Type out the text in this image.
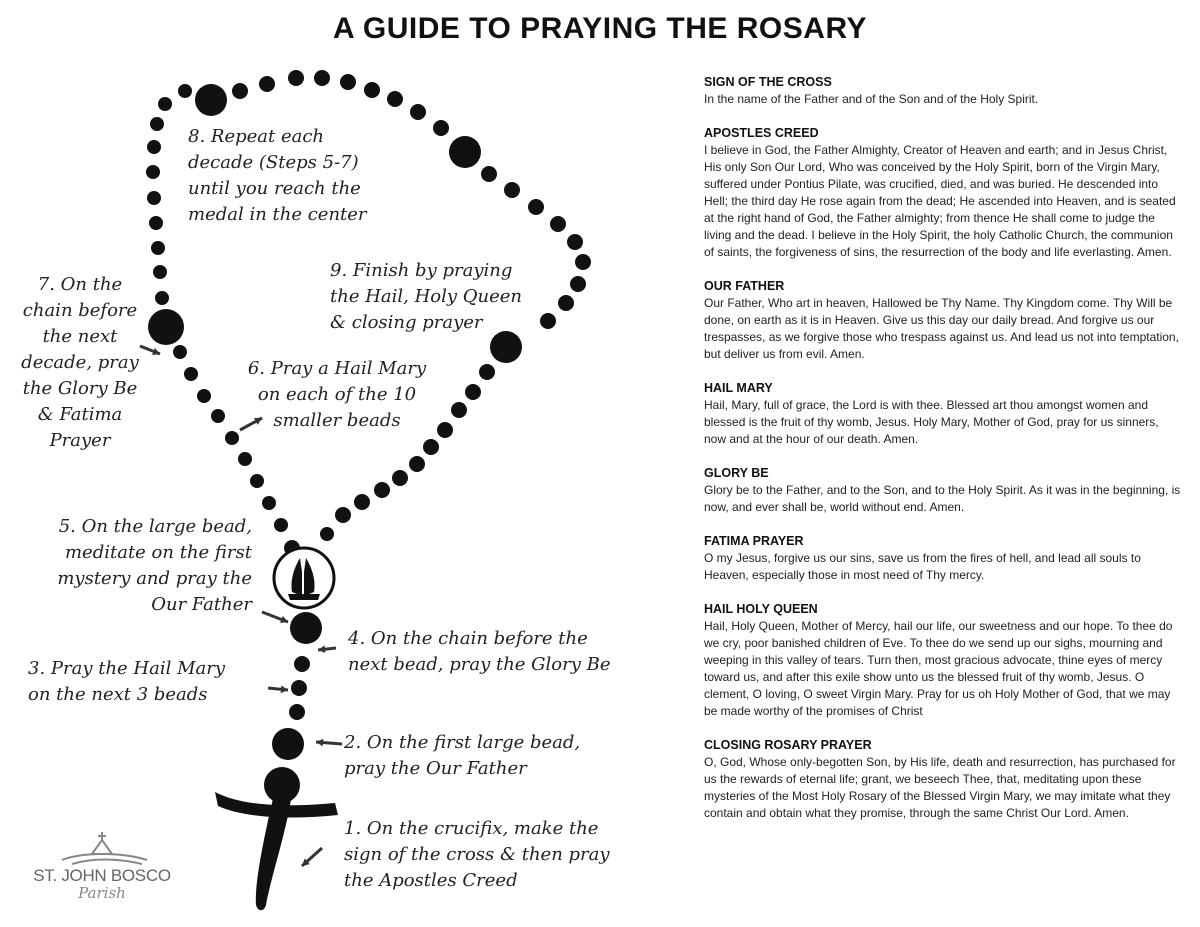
A GUIDE TO PRAYING THE ROSARY
1. On the crucifix, make the
sign of the cross & then pray
the Apostles Creed
2. On the first large bead,
pray the Our Father
3. Pray the Hail Mary
on the next 3 beads
4. On the chain before the
next bead, pray the Glory Be
5. On the large bead,
meditate on the first
mystery and pray the
Our Father
6. Pray a Hail Mary
on each of the 10
smaller beads
7. On the
chain before
the next
decade, pray
the Glory Be
& Fatima
Prayer
8. Repeat each
decade (Steps 5-7)
until you reach the
medal in the center
9. Finish by praying
the Hail, Holy Queen
& closing prayer
SIGN OF THE CROSS

In the name of the Father and of the Son and of the Holy Spirit.

APOSTLES CREED

I believe in God, the Father Almighty, Creator of Heaven and earth; and in Jesus Christ, His only Son Our Lord, Who was conceived by the Holy Spirit, born of the Virgin Mary, suffered under Pontius Pilate, was crucified, died, and was buried. He descended into Hell; the third day He rose again from the dead; He ascended into Heaven, and is seated at the right hand of God, the Father almighty; from thence He shall come to judge the living and the dead. I believe in the Holy Spirit, the holy Catholic Church, the communion of saints, the forgiveness of sins, the resurrection of the body and life everlasting. Amen.

OUR FATHER

Our Father, Who art in heaven, Hallowed be Thy Name. Thy Kingdom come. Thy Will be done, on earth as it is in Heaven. Give us this day our daily bread. And forgive us our trespasses, as we forgive those who trespass against us. And lead us not into temptation, but deliver us from evil. Amen.

HAIL MARY

Hail, Mary, full of grace, the Lord is with thee. Blessed art thou amongst women and blessed is the fruit of thy womb, Jesus. Holy Mary, Mother of God, pray for us sinners, now and at the hour of our death. Amen.

GLORY BE

Glory be to the Father, and to the Son, and to the Holy Spirit. As it was in the beginning, is now, and ever shall be, world without end. Amen.

FATIMA PRAYER

O my Jesus, forgive us our sins, save us from the fires of hell, and lead all souls to Heaven, especially those in most need of Thy mercy.

HAIL HOLY QUEEN

Hail, Holy Queen, Mother of Mercy, hail our life, our sweetness and our hope. To thee do we cry, poor banished children of Eve. To thee do we send up our sighs, mourning and weeping in this valley of tears. Turn then, most gracious advocate, thine eyes of mercy toward us, and after this exile show unto us the blessed fruit of thy womb, Jesus. O clement, O loving, O sweet Virgin Mary. Pray for us oh Holy Mother of God, that we may be made worthy of the promises of Christ

CLOSING ROSARY PRAYER

O, God, Whose only-begotten Son, by His life, death and resurrection, has purchased for us the rewards of eternal life; grant, we beseech Thee, that, meditating upon these mysteries of the Most Holy Rosary of the Blessed Virgin Mary, we may imitate what they contain and obtain what they promise, through the same Christ Our Lord. Amen.

ST. JOHN BOSCO
Parish
